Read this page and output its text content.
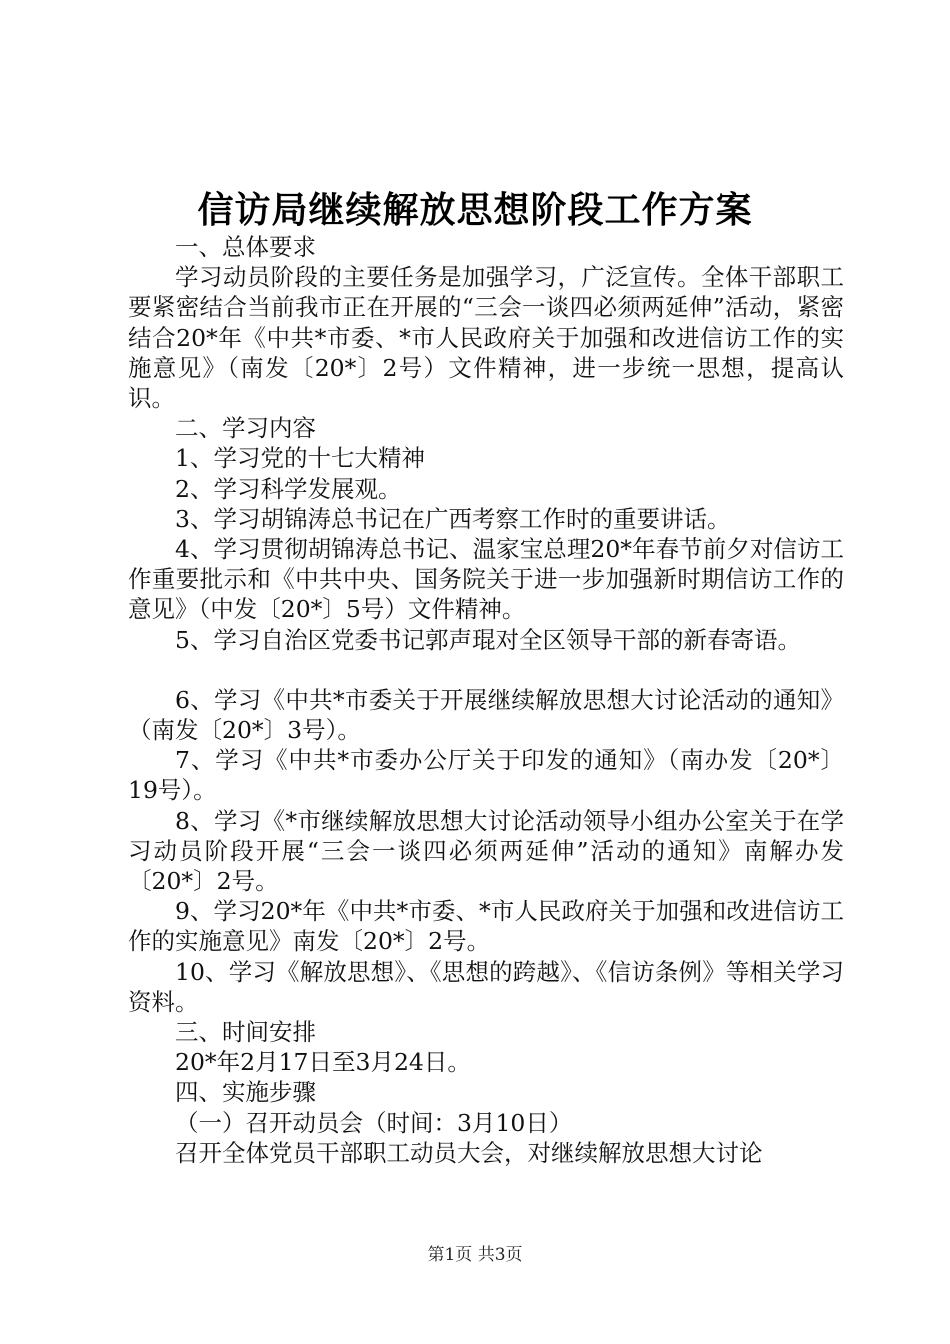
信访局继续解放思想阶段工作方案

一、总体要求

学习动员阶段的主要任务是加强学习，广泛宣传。全体干部职工要紧密结合当前我市正在开展的“三会一谈四必须两延伸”活动，紧密结合20*年《中共*市委、*市人民政府关于加强和改进信访工作的实施意见》（南发〔20*〕2号）文件精神，进一步统一思想，提高认识。

二、学习内容

1、学习党的十七大精神

2、学习科学发展观。

3、学习胡锦涛总书记在广西考察工作时的重要讲话。

4、学习贯彻胡锦涛总书记、温家宝总理20*年春节前夕对信访工作重要批示和《中共中央、国务院关于进一步加强新时期信访工作的意见》（中发〔20*〕5号）文件精神。

5、学习自治区党委书记郭声琨对全区领导干部的新春寄语。

6、学习《中共*市委关于开展继续解放思想大讨论活动的通知》（南发〔20*〕3号）。

7、学习《中共*市委办公厅关于印发的通知》（南办发〔20*〕19号）。

8、学习《*市继续解放思想大讨论活动领导小组办公室关于在学习动员阶段开展“三会一谈四必须两延伸”活动的通知》南解办发〔20*〕2号。

9、学习20*年《中共*市委、*市人民政府关于加强和改进信访工作的实施意见》南发〔20*〕2号。

10、学习《解放思想》、《思想的跨越》、《信访条例》等相关学习资料。

三、时间安排

20*年2月17日至3月24日。

四、实施步骤

（一）召开动员会（时间：3月10日）

召开全体党员干部职工动员大会，对继续解放思想大讨论

第1页 共3页
